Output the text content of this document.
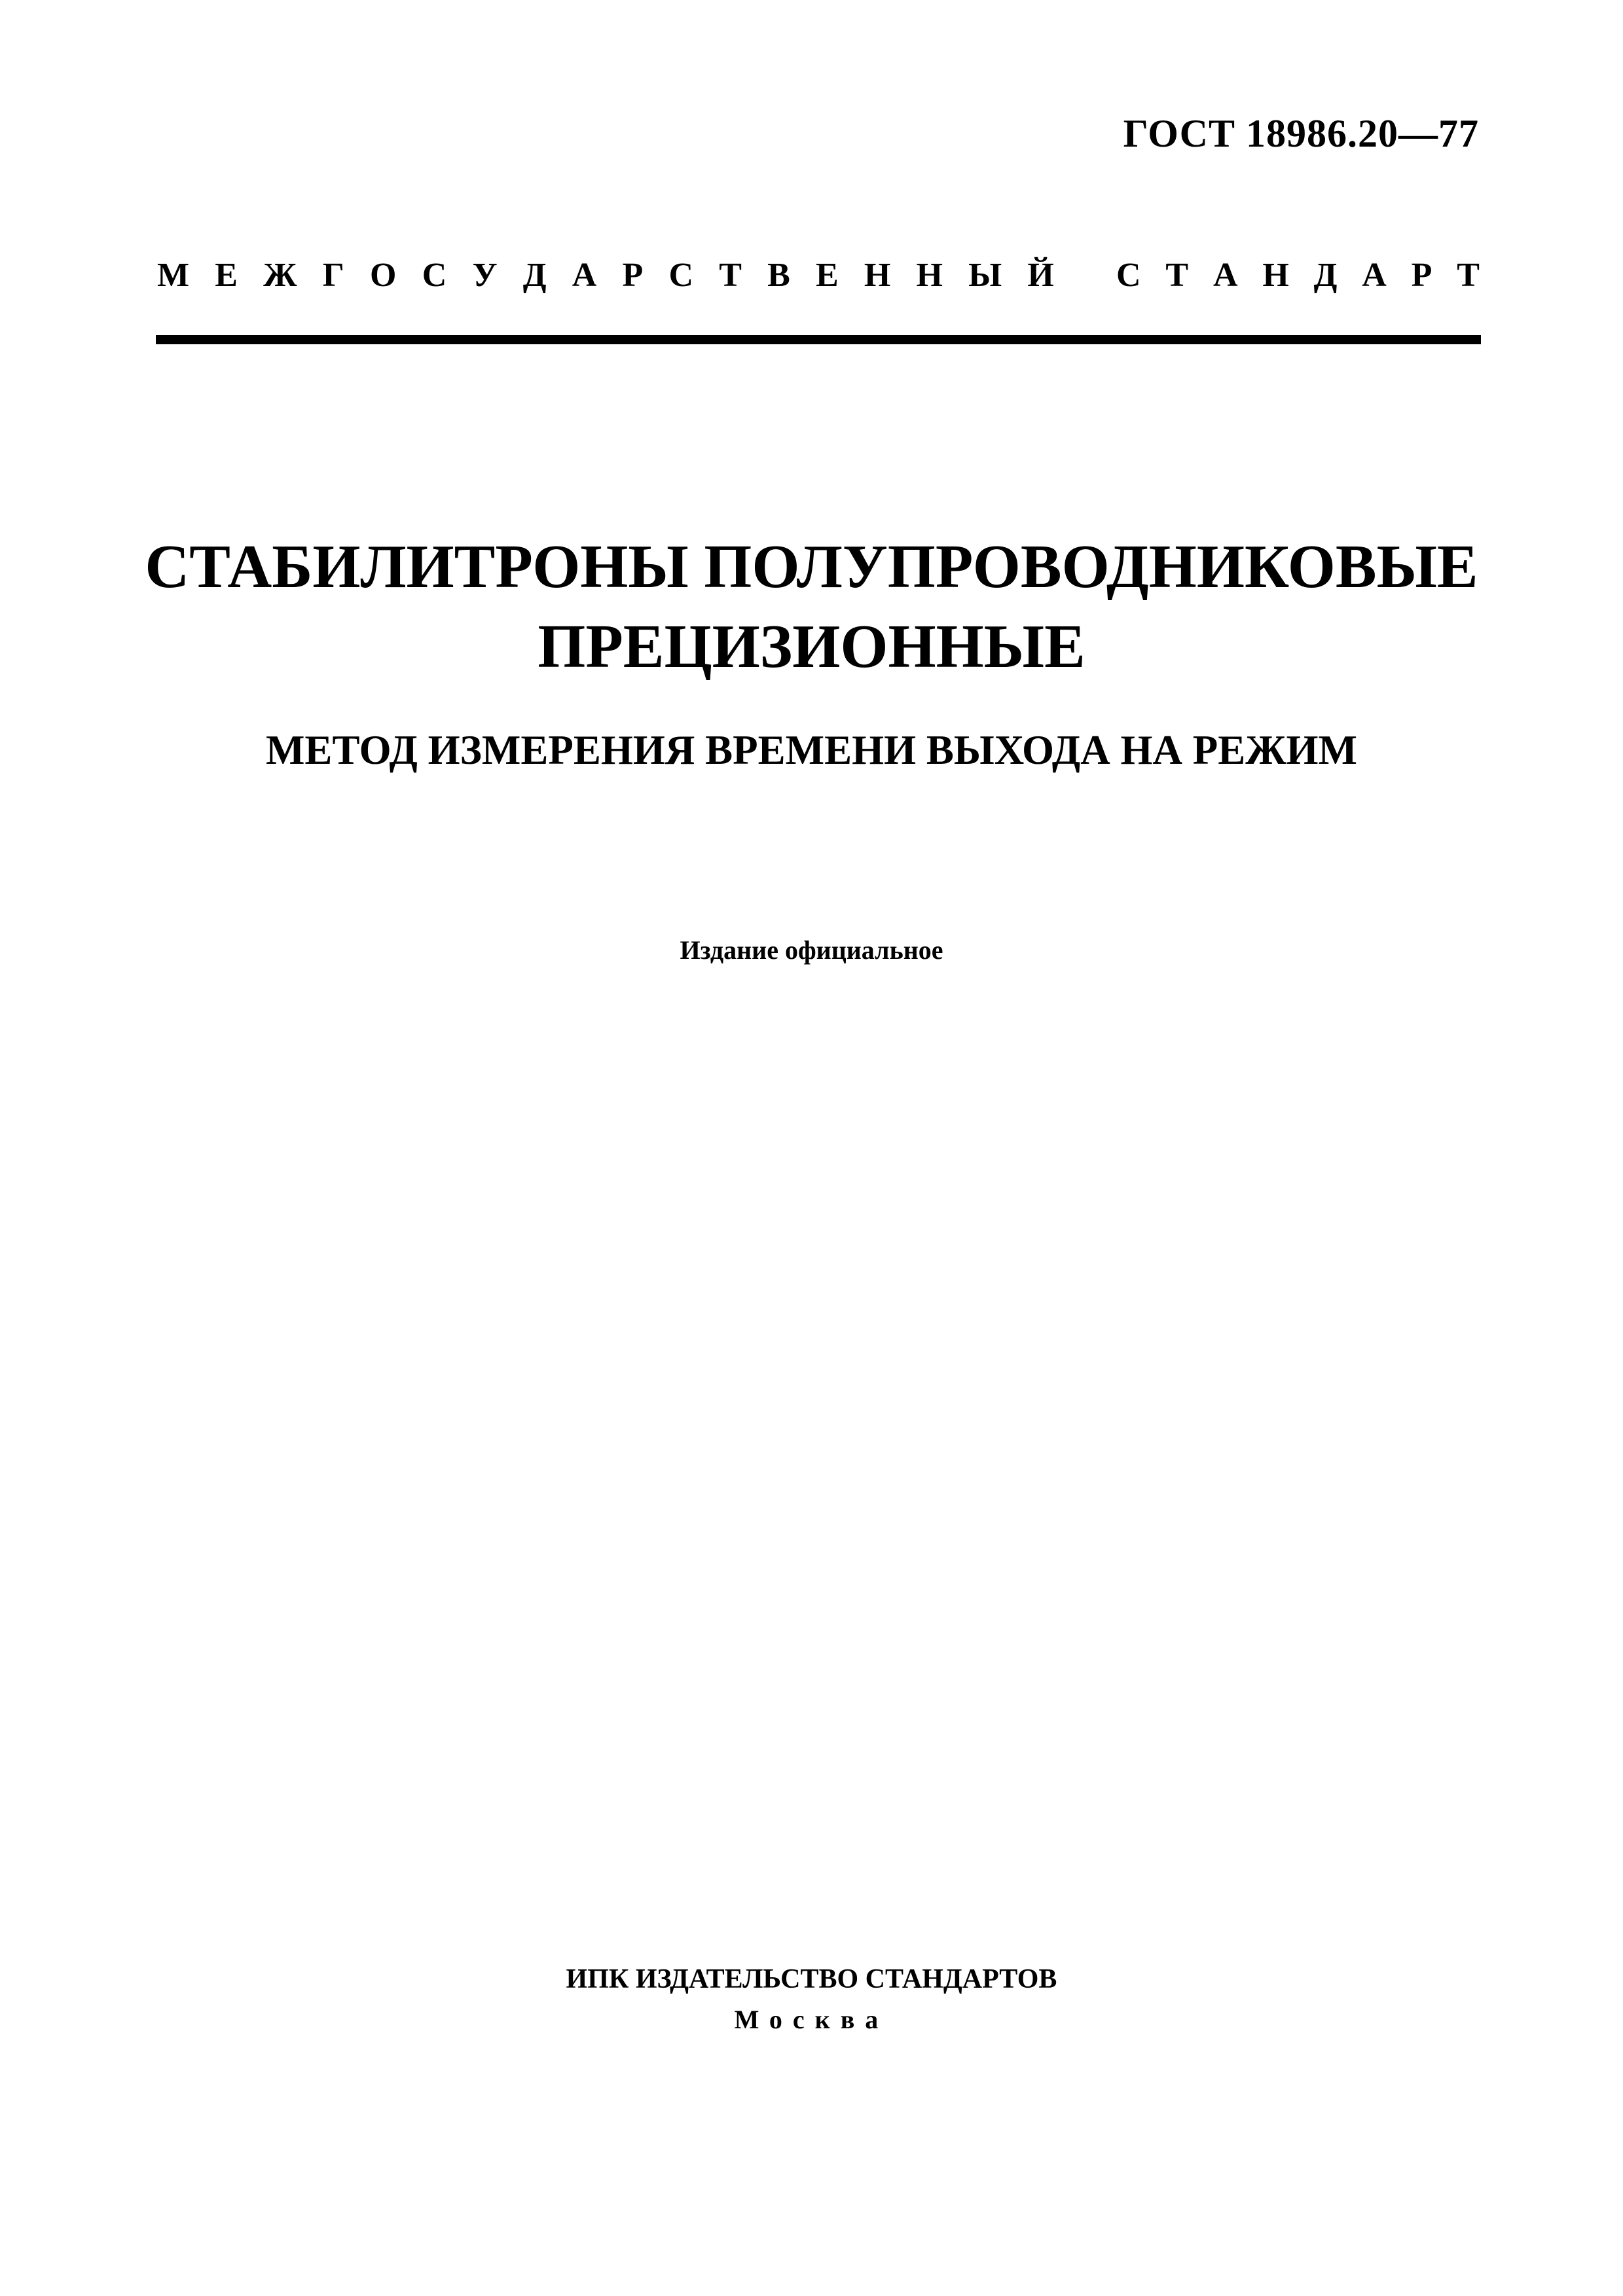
ГОСТ 18986.20—77
М Е Ж Г О С У Д А Р С Т В Е Н Н Ы Й С Т А Н Д А Р Т
СТАБИЛИТРОНЫ ПОЛУПРОВОДНИКОВЫЕ
ПРЕЦИЗИОННЫЕ
МЕТОД ИЗМЕРЕНИЯ ВРЕМЕНИ ВЫХОДА НА РЕЖИМ
Издание официальное
ИПК ИЗДАТЕЛЬСТВО СТАНДАРТОВ
Москва
